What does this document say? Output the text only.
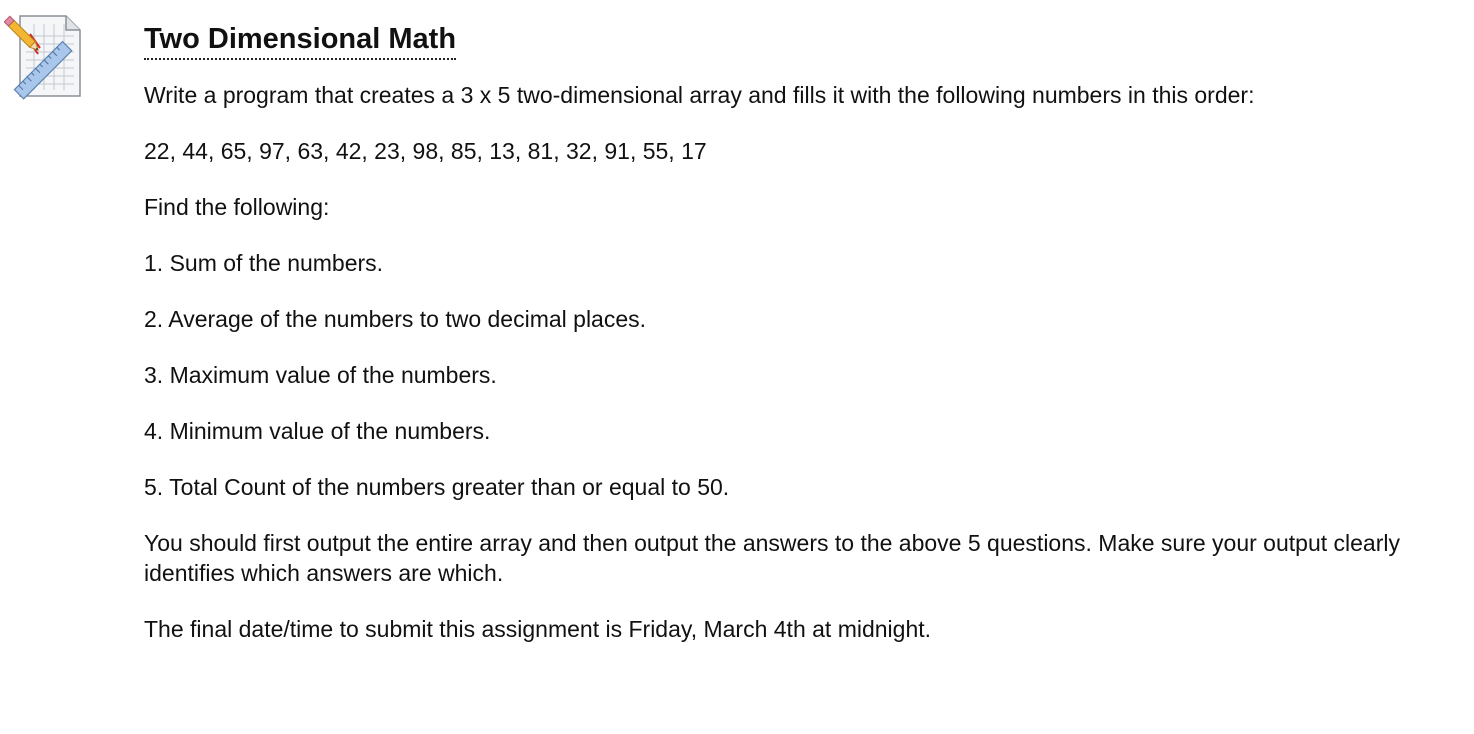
Two Dimensional Math

Write a program that creates a 3 x 5 two-dimensional array and fills it with the following numbers in this order:

22, 44, 65, 97, 63, 42, 23, 98, 85, 13, 81, 32, 91, 55, 17

Find the following:

1. Sum of the numbers.
2. Average of the numbers to two decimal places.
3. Maximum value of the numbers.
4. Minimum value of the numbers.
5. Total Count of the numbers greater than or equal to 50.

You should first output the entire array and then output the answers to the above 5 questions. Make sure your output clearly identifies which answers are which.

The final date/time to submit this assignment is Friday, March 4th at midnight.
